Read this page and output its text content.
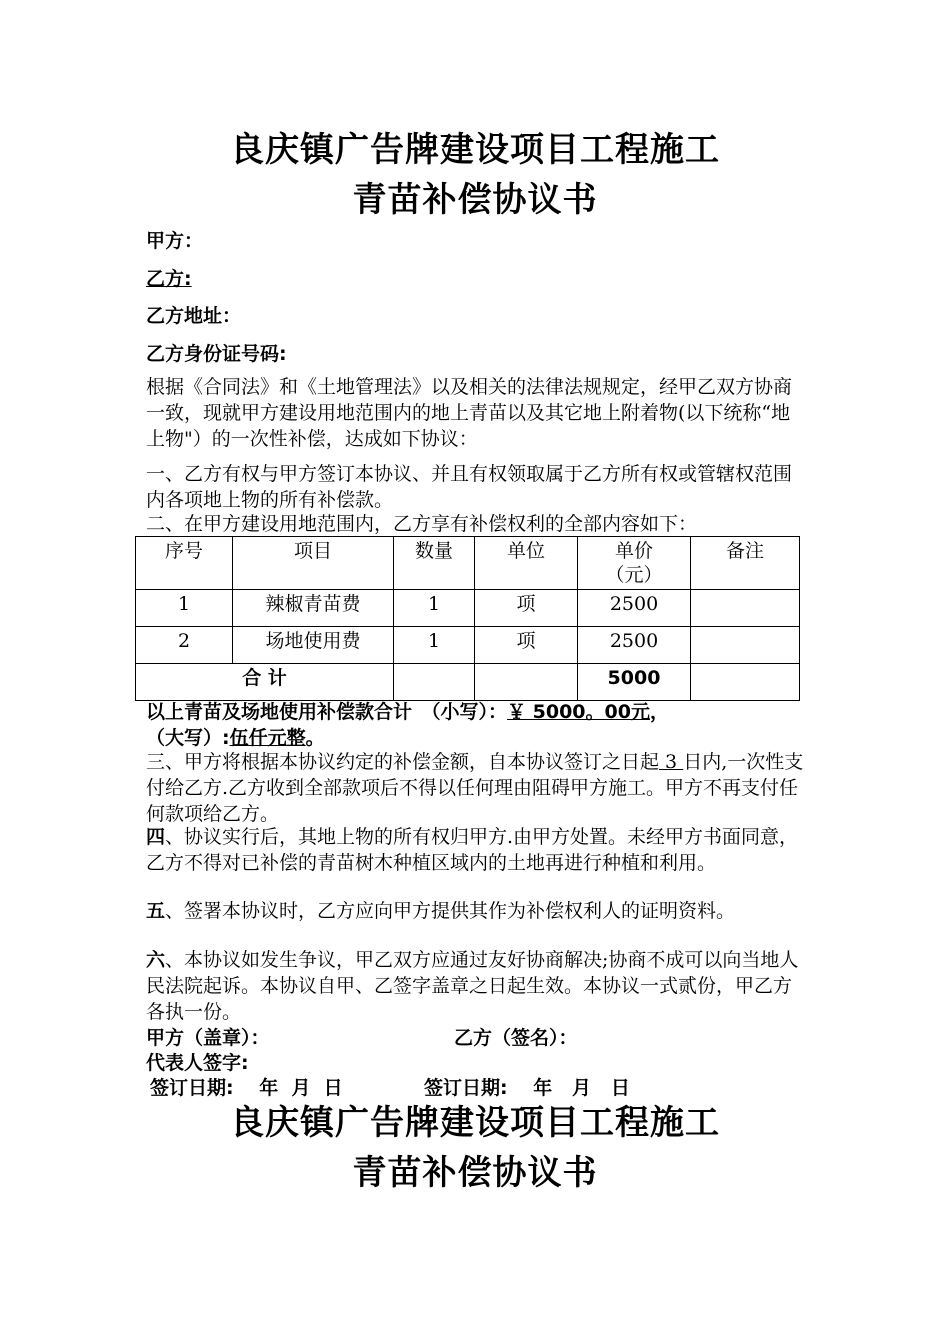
良庆镇广告牌建设项目工程施工
青苗补偿协议书
甲方：
乙方:
乙方地址：
乙方身份证号码:
根据《合同法》和《土地管理法》以及相关的法律法规规定，经甲乙双方协商一致，现就甲方建设用地范围内的地上青苗以及其它地上附着物(以下统称“地上物"）的一次性补偿，达成如下协议：
一、乙方有权与甲方签订本协议、并且有权领取属于乙方所有权或管辖权范围内各项地上物的所有补偿款。
二、在甲方建设用地范围内，乙方享有补偿权利的全部内容如下：
序号	项目	数量	单位	单价（元）	备注
1	辣椒青苗费	1	项	2500	
2	场地使用费	1	项	2500	
合 计				5000	
以上青苗及场地使用补偿款合计　（小写）：￥ 5000。00元，
（大写）:伍仟元整。
三、甲方将根据本协议约定的补偿金额，自本协议签订之日起 3 日内,一次性支付给乙方.乙方收到全部款项后不得以任何理由阻碍甲方施工。甲方不再支付任何款项给乙方。
四、协议实行后，其地上物的所有权归甲方.由甲方处置。未经甲方书面同意，乙方不得对已补偿的青苗树木种植区域内的土地再进行种植和利用。
五、签署本协议时，乙方应向甲方提供其作为补偿权利人的证明资料。
六、本协议如发生争议，甲乙双方应通过友好协商解决;协商不成可以向当地人民法院起诉。本协议自甲、乙签字盖章之日起生效。本协议一式贰份，甲乙方各执一份。
甲方（盖章）：	乙方（签名）：
代表人签字:
签订日期:　 年  月  日	签订日期:　 年   月   日
良庆镇广告牌建设项目工程施工
青苗补偿协议书
